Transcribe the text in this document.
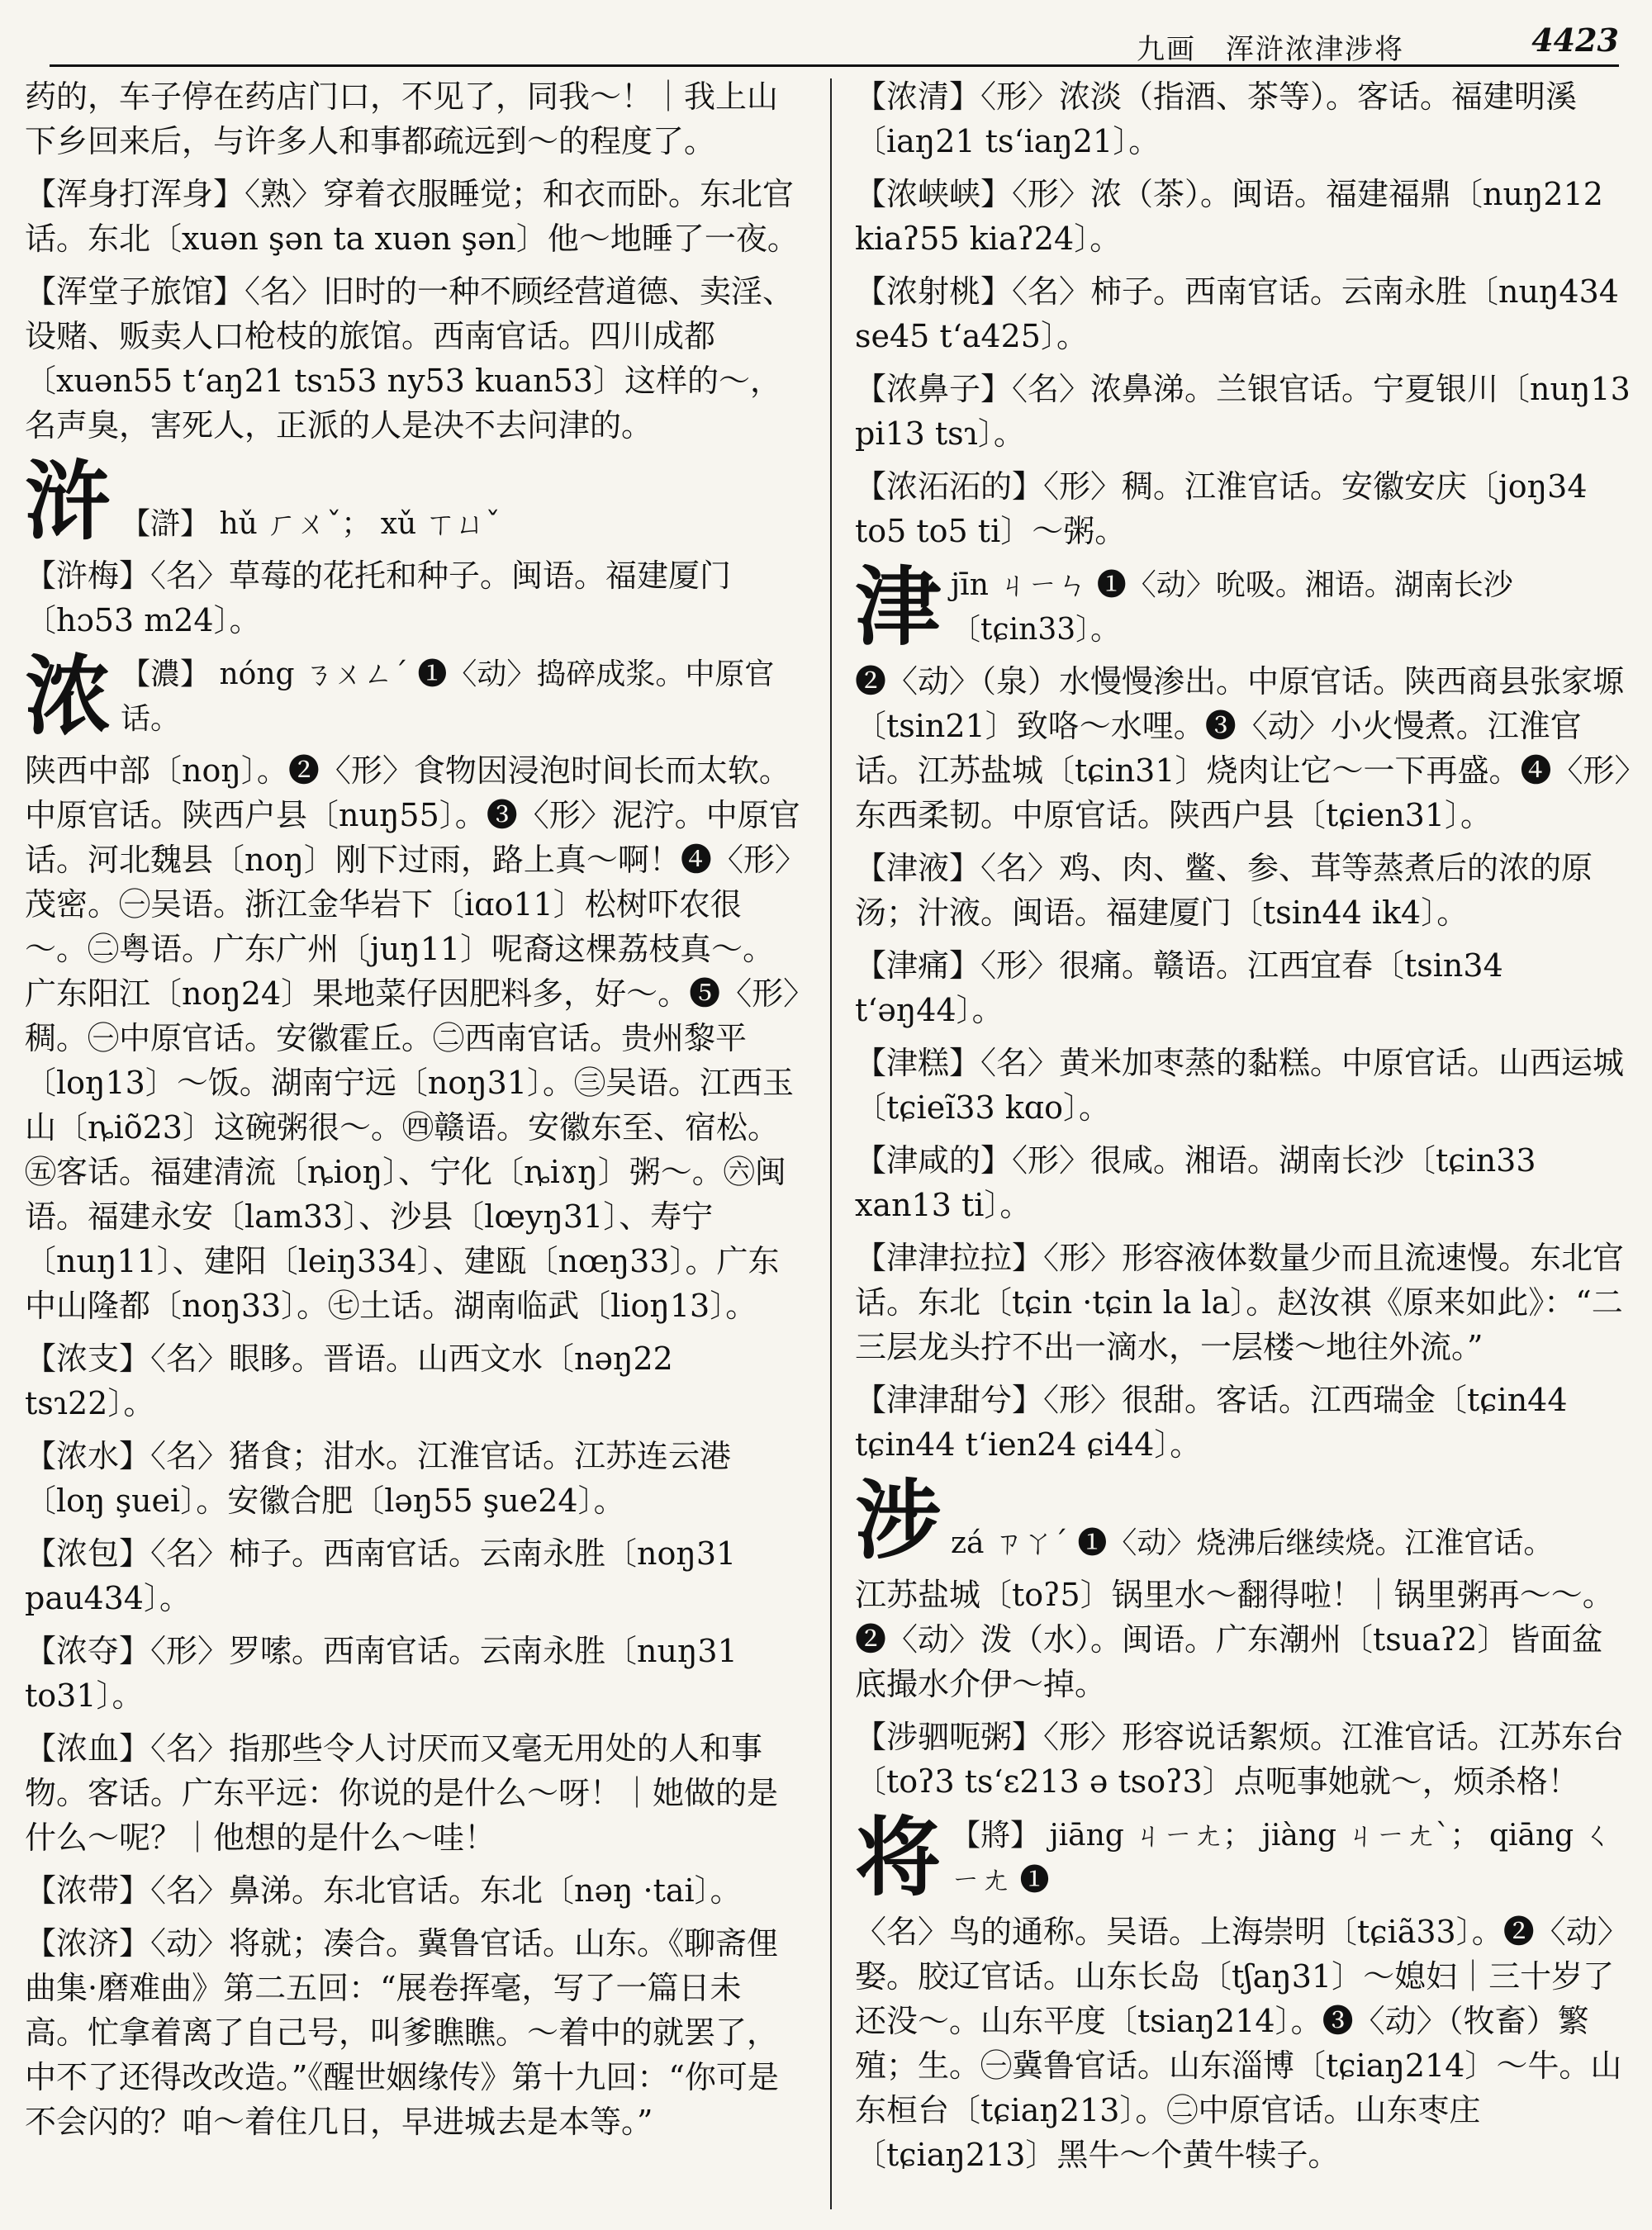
九画　浑浒浓津涉将	4423

药的，车子停在药店门口，不见了，同我～！｜我上山下乡回来后，与许多人和事都疏远到～的程度了。

【浑身打浑身】〈熟〉穿着衣服睡觉；和衣而卧。东北官话。东北〔xuən şən ta xuən şən〕他～地睡了一夜。

【浑堂子旅馆】〈名〉旧时的一种不顾经营道德、卖淫、设赌、贩卖人口枪枝的旅馆。西南官话。四川成都〔xuən55 tʻaŋ21 tsɿ53 ny53 kuan53〕这样的～，名声臭，害死人，正派的人是决不去问津的。

浒 【滸】 hǔ ㄏㄨˇ； xǔ ㄒㄩˇ

【浒梅】〈名〉草莓的花托和种子。闽语。福建厦门〔hɔ53 m24〕。

浓 【濃】 nóng ㄋㄨㄥˊ ❶〈动〉捣碎成浆。中原官话。

陕西中部〔noŋ〕。❷〈形〉食物因浸泡时间长而太软。中原官话。陕西户县〔nuŋ55〕。❸〈形〉泥泞。中原官话。河北魏县〔noŋ〕刚下过雨，路上真～啊！❹〈形〉茂密。㊀吴语。浙江金华岩下〔iɑo11〕松树吓农很～。㊁粤语。广东广州〔juŋ11〕呢裔这棵荔枝真～。广东阳江〔noŋ24〕果地菜仔因肥料多，好～。❺〈形〉稠。㊀中原官话。安徽霍丘。㊁西南官话。贵州黎平〔loŋ13〕～饭。湖南宁远〔noŋ31〕。㊂吴语。江西玉山〔ȵiõ23〕这碗粥很～。㊃赣语。安徽东至、宿松。㊄客话。福建清流〔ȵioŋ〕、宁化〔ȵiɤŋ〕粥～。㊅闽语。福建永安〔lam33〕、沙县〔lœyŋ31〕、寿宁〔nuŋ11〕、建阳〔leiŋ334〕、建瓯〔nœŋ33〕。广东中山隆都〔noŋ33〕。㊆土话。湖南临武〔lioŋ13〕。

【浓支】〈名〉眼眵。晋语。山西文水〔nəŋ22 tsɿ22〕。

【浓水】〈名〉猪食；泔水。江淮官话。江苏连云港〔loŋ şuei〕。安徽合肥〔ləŋ55 şue24〕。

【浓包】〈名〉柿子。西南官话。云南永胜〔noŋ31 pau434〕。

【浓夺】〈形〉罗嗦。西南官话。云南永胜〔nuŋ31 to31〕。

【浓血】〈名〉指那些令人讨厌而又毫无用处的人和事物。客话。广东平远：你说的是什么～呀！｜她做的是什么～呢？｜他想的是什么～哇！

【浓带】〈名〉鼻涕。东北官话。东北〔nəŋ ·tai〕。

【浓济】〈动〉将就；凑合。冀鲁官话。山东。《聊斋俚曲集·磨难曲》第二五回：“展卷挥毫，写了一篇日未高。忙拿着离了自己号，叫爹瞧瞧。～着中的就罢了，中不了还得改改造。”《醒世姻缘传》第十九回：“你可是不会闪的？咱～着住几日，早进城去是本等。”

【浓清】〈形〉浓淡（指酒、茶等）。客话。福建明溪〔iaŋ21 tsʻiaŋ21〕。

【浓峡峡】〈形〉浓（茶）。闽语。福建福鼎〔nuŋ212 kiaʔ55 kiaʔ24〕。

【浓射桃】〈名〉柿子。西南官话。云南永胜〔nuŋ434 se45 tʻa425〕。

【浓鼻子】〈名〉浓鼻涕。兰银官话。宁夏银川〔nuŋ13 pi13 tsɿ〕。

【浓沰沰的】〈形〉稠。江淮官话。安徽安庆〔joŋ34 to5 to5 ti〕～粥。

津 jīn ㄐㄧㄣ ❶〈动〉吮吸。湘语。湖南长沙〔tɕin33〕。

❷〈动〉（泉）水慢慢渗出。中原官话。陕西商县张家塬〔tsin21〕致咯～水哩。❸〈动〉小火慢煮。江淮官话。江苏盐城〔tɕin31〕烧肉让它～一下再盛。❹〈形〉东西柔韧。中原官话。陕西户县〔tɕien31〕。

【津液】〈名〉鸡、肉、鳖、参、茸等蒸煮后的浓的原汤；汁液。闽语。福建厦门〔tsin44 ik4〕。

【津痛】〈形〉很痛。赣语。江西宜春〔tsin34 tʻəŋ44〕。

【津糕】〈名〉黄米加枣蒸的黏糕。中原官话。山西运城〔tɕieĩ33 kɑo〕。

【津咸的】〈形〉很咸。湘语。湖南长沙〔tɕin33 xan13 ti〕。

【津津拉拉】〈形〉形容液体数量少而且流速慢。东北官话。东北〔tɕin ·tɕin la la〕。赵汝祺《原来如此》：“二三层龙头拧不出一滴水，一层楼～地往外流。”

【津津甜兮】〈形〉很甜。客话。江西瑞金〔tɕin44 tɕin44 tʻien24 ɕi44〕。

涉 zá ㄗㄚˊ ❶〈动〉烧沸后继续烧。江淮官话。

江苏盐城〔toʔ5〕锅里水～翻得啦！｜锅里粥再～～。❷〈动〉泼（水）。闽语。广东潮州〔tsuaʔ2〕皆面盆底撮水介伊～掉。

【涉驷呃粥】〈形〉形容说话絮烦。江淮官话。江苏东台〔toʔ3 tsʻɛ213 ə tsoʔ3〕点呃事她就～，烦杀格！

将 【將】 jiāng ㄐㄧㄤ； jiàng ㄐㄧㄤˋ； qiāng ㄑㄧㄤ ❶

〈名〉鸟的通称。吴语。上海崇明〔tɕiã33〕。❷〈动〉娶。胶辽官话。山东长岛〔tʃaŋ31〕～媳妇｜三十岁了还没～。山东平度〔tsiaŋ214〕。❸〈动〉（牧畜）繁殖；生。㊀冀鲁官话。山东淄博〔tɕiaŋ214〕～牛。山东桓台〔tɕiaŋ213〕。㊁中原官话。山东枣庄〔tɕiaŋ213〕黑牛～个黄牛犊子。
